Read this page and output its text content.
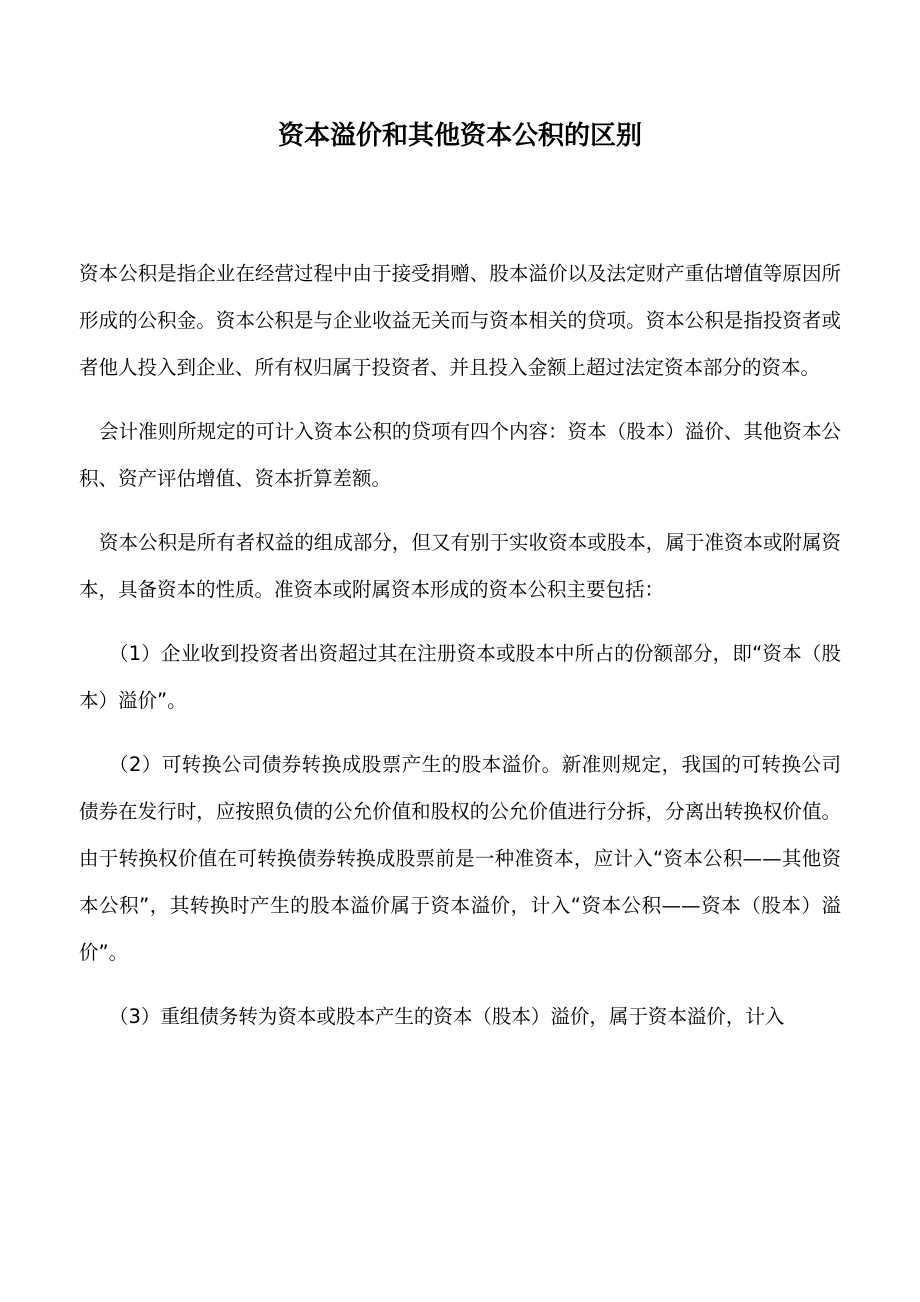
资本溢价和其他资本公积的区别

资本公积是指企业在经营过程中由于接受捐赠、股本溢价以及法定财产重估增值等原因所形成的公积金。资本公积是与企业收益无关而与资本相关的贷项。资本公积是指投资者或者他人投入到企业、所有权归属于投资者、并且投入金额上超过法定资本部分的资本。

会计准则所规定的可计入资本公积的贷项有四个内容：资本（股本）溢价、其他资本公积、资产评估增值、资本折算差额。

资本公积是所有者权益的组成部分，但又有别于实收资本或股本，属于准资本或附属资本，具备资本的性质。准资本或附属资本形成的资本公积主要包括：

（1）企业收到投资者出资超过其在注册资本或股本中所占的份额部分，即“资本（股本）溢价”。

（2）可转换公司债券转换成股票产生的股本溢价。新准则规定，我国的可转换公司债券在发行时，应按照负债的公允价值和股权的公允价值进行分拆，分离出转换权价值。由于转换权价值在可转换债券转换成股票前是一种准资本，应计入“资本公积——其他资本公积”，其转换时产生的股本溢价属于资本溢价，计入“资本公积——资本（股本）溢价”。

（3）重组债务转为资本或股本产生的资本（股本）溢价，属于资本溢价，计入
